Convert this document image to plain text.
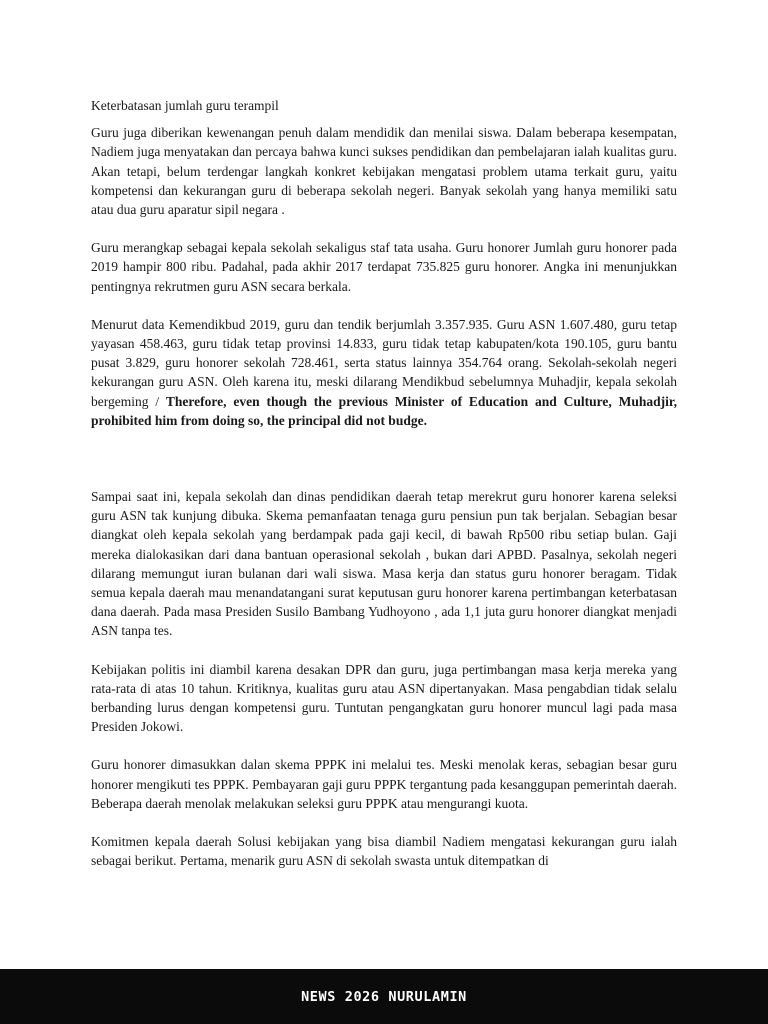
Keterbatasan jumlah guru terampil

Guru juga diberikan kewenangan penuh dalam mendidik dan menilai siswa. Dalam beberapa kesempatan, Nadiem juga menyatakan dan percaya bahwa kunci sukses pendidikan dan pembelajaran ialah kualitas guru. Akan tetapi, belum terdengar langkah konkret kebijakan mengatasi problem utama terkait guru, yaitu kompetensi dan kekurangan guru di beberapa sekolah negeri. Banyak sekolah yang hanya memiliki satu atau dua guru aparatur sipil negara .

Guru merangkap sebagai kepala sekolah sekaligus staf tata usaha. Guru honorer Jumlah guru honorer pada 2019 hampir 800 ribu. Padahal, pada akhir 2017 terdapat 735.825 guru honorer. Angka ini menunjukkan pentingnya rekrutmen guru ASN secara berkala.

Menurut data Kemendikbud 2019, guru dan tendik berjumlah 3.357.935. Guru ASN 1.607.480, guru tetap yayasan 458.463, guru tidak tetap provinsi 14.833, guru tidak tetap kabupaten/kota 190.105, guru bantu pusat 3.829, guru honorer sekolah 728.461, serta status lainnya 354.764 orang. Sekolah-sekolah negeri kekurangan guru ASN. Oleh karena itu, meski dilarang Mendikbud sebelumnya Muhadjir, kepala sekolah bergeming / Therefore, even though the previous Minister of Education and Culture, Muhadjir, prohibited him from doing so, the principal did not budge.

Sampai saat ini, kepala sekolah dan dinas pendidikan daerah tetap merekrut guru honorer karena seleksi guru ASN tak kunjung dibuka. Skema pemanfaatan tenaga guru pensiun pun tak berjalan. Sebagian besar diangkat oleh kepala sekolah yang berdampak pada gaji kecil, di bawah Rp500 ribu setiap bulan. Gaji mereka dialokasikan dari dana bantuan operasional sekolah , bukan dari APBD. Pasalnya, sekolah negeri dilarang memungut iuran bulanan dari wali siswa. Masa kerja dan status guru honorer beragam. Tidak semua kepala daerah mau menandatangani surat keputusan guru honorer karena pertimbangan keterbatasan dana daerah. Pada masa Presiden Susilo Bambang Yudhoyono , ada 1,1 juta guru honorer diangkat menjadi ASN tanpa tes.

Kebijakan politis ini diambil karena desakan DPR dan guru, juga pertimbangan masa kerja mereka yang rata-rata di atas 10 tahun. Kritiknya, kualitas guru atau ASN dipertanyakan. Masa pengabdian tidak selalu berbanding lurus dengan kompetensi guru. Tuntutan pengangkatan guru honorer muncul lagi pada masa Presiden Jokowi.

Guru honorer dimasukkan dalan skema PPPK ini melalui tes. Meski menolak keras, sebagian besar guru honorer mengikuti tes PPPK. Pembayaran gaji guru PPPK tergantung pada kesanggupan pemerintah daerah. Beberapa daerah menolak melakukan seleksi guru PPPK atau mengurangi kuota.

Komitmen kepala daerah Solusi kebijakan yang bisa diambil Nadiem mengatasi kekurangan guru ialah sebagai berikut. Pertama, menarik guru ASN di sekolah swasta untuk ditempatkan di

NEWS 2026 NURULAMIN
